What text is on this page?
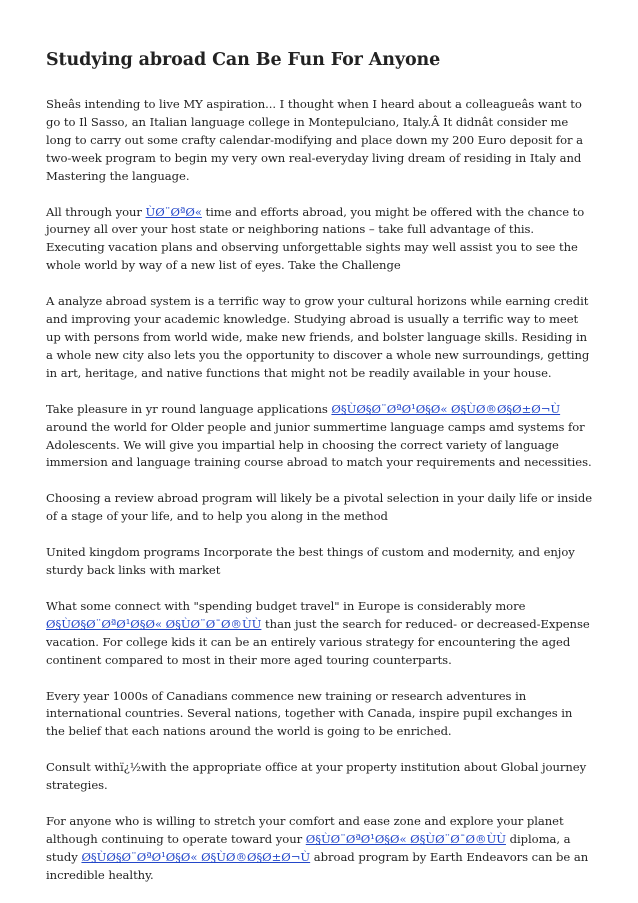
Studying abroad Can Be Fun For Anyone

Sheâs intending to live MY aspiration... I thought when I heard about a colleagueâs want to go to Il Sasso, an Italian language college in Montepulciano, Italy.Â It didnât consider me long to carry out some crafty calendar-modifying and place down my 200 Euro deposit for a two-week program to begin my very own real-everyday living dream of residing in Italy and Mastering the language.

All through your ÙØ¨ØªØ« time and efforts abroad, you might be offered with the chance to journey all over your host state or neighboring nations – take full advantage of this. Executing vacation plans and observing unforgettable sights may well assist you to see the whole world by way of a new list of eyes. Take the Challenge

A analyze abroad system is a terrific way to grow your cultural horizons while earning credit and improving your academic knowledge. Studying abroad is usually a terrific way to meet up with persons from world wide, make new friends, and bolster language skills. Residing in a whole new city also lets you the opportunity to discover a whole new surroundings, getting in art, heritage, and native functions that might not be readily available in your house.

Take pleasure in yr round language applications Ø§ÙØ§Ø¨ØªØ¹Ø§Ø« Ø§ÙØ®Ø§Ø±Ø¬Ù around the world for Older people and junior summertime language camps amd systems for Adolescents. We will give you impartial help in choosing the correct variety of language immersion and language training course abroad to match your requirements and necessities.

Choosing a review abroad program will likely be a pivotal selection in your daily life or inside of a stage of your life, and to help you along in the method

United kingdom programs Incorporate the best things of custom and modernity, and enjoy sturdy back links with market

What some connect with "spending budget travel" in Europe is considerably more Ø§ÙØ§Ø¨ØªØ¹Ø§Ø« Ø§ÙØ¨Ø¯Ø®ÙÙ than just the search for reduced- or decreased-Expense vacation. For college kids it can be an entirely various strategy for encountering the aged continent compared to most in their more aged touring counterparts.

Every year 1000s of Canadians commence new training or research adventures in international countries. Several nations, together with Canada, inspire pupil exchanges in the belief that each nations around the world is going to be enriched.

Consult withï¿½with the appropriate office at your property institution about Global journey strategies.

For anyone who is willing to stretch your comfort and ease zone and explore your planet although continuing to operate toward your Ø§ÙØ¨ØªØ¹Ø§Ø« Ø§ÙØ¨Ø¯Ø®ÙÙ diploma, a study Ø§ÙØ§Ø¨ØªØ¹Ø§Ø« Ø§ÙØ®Ø§Ø±Ø¬Ù abroad program by Earth Endeavors can be an incredible healthy.
